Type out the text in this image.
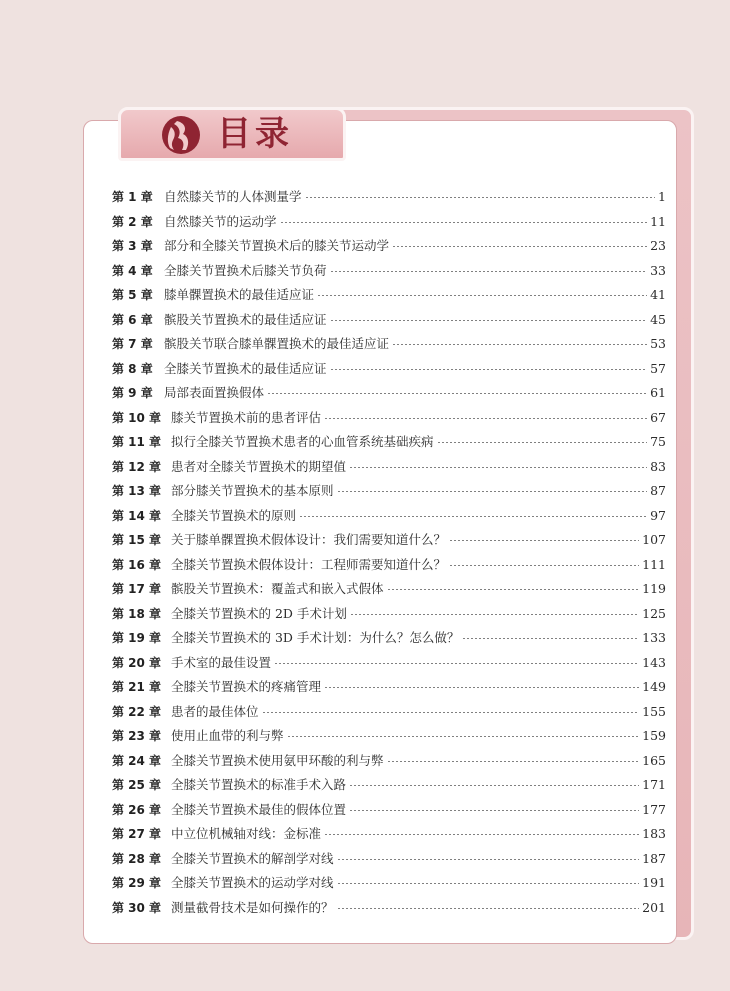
目录
第 1 章 自然膝关节的人体测量学	1
第 2 章 自然膝关节的运动学	11
第 3 章 部分和全膝关节置换术后的膝关节运动学	23
第 4 章 全膝关节置换术后膝关节负荷	33
第 5 章 膝单髁置换术的最佳适应证	41
第 6 章 髌股关节置换术的最佳适应证	45
第 7 章 髌股关节联合膝单髁置换术的最佳适应证	53
第 8 章 全膝关节置换术的最佳适应证	57
第 9 章 局部表面置换假体	61
第 10 章 膝关节置换术前的患者评估	67
第 11 章 拟行全膝关节置换术患者的心血管系统基础疾病	75
第 12 章 患者对全膝关节置换术的期望值	83
第 13 章 部分膝关节置换术的基本原则	87
第 14 章 全膝关节置换术的原则	97
第 15 章 关于膝单髁置换术假体设计：我们需要知道什么？	107
第 16 章 全膝关节置换术假体设计：工程师需要知道什么？	111
第 17 章 髌股关节置换术：覆盖式和嵌入式假体	119
第 18 章 全膝关节置换术的 2D 手术计划	125
第 19 章 全膝关节置换术的 3D 手术计划：为什么？怎么做？	133
第 20 章 手术室的最佳设置	143
第 21 章 全膝关节置换术的疼痛管理	149
第 22 章 患者的最佳体位	155
第 23 章 使用止血带的利与弊	159
第 24 章 全膝关节置换术使用氨甲环酸的利与弊	165
第 25 章 全膝关节置换术的标准手术入路	171
第 26 章 全膝关节置换术最佳的假体位置	177
第 27 章 中立位机械轴对线：金标准	183
第 28 章 全膝关节置换术的解剖学对线	187
第 29 章 全膝关节置换术的运动学对线	191
第 30 章 测量截骨技术是如何操作的？	201
